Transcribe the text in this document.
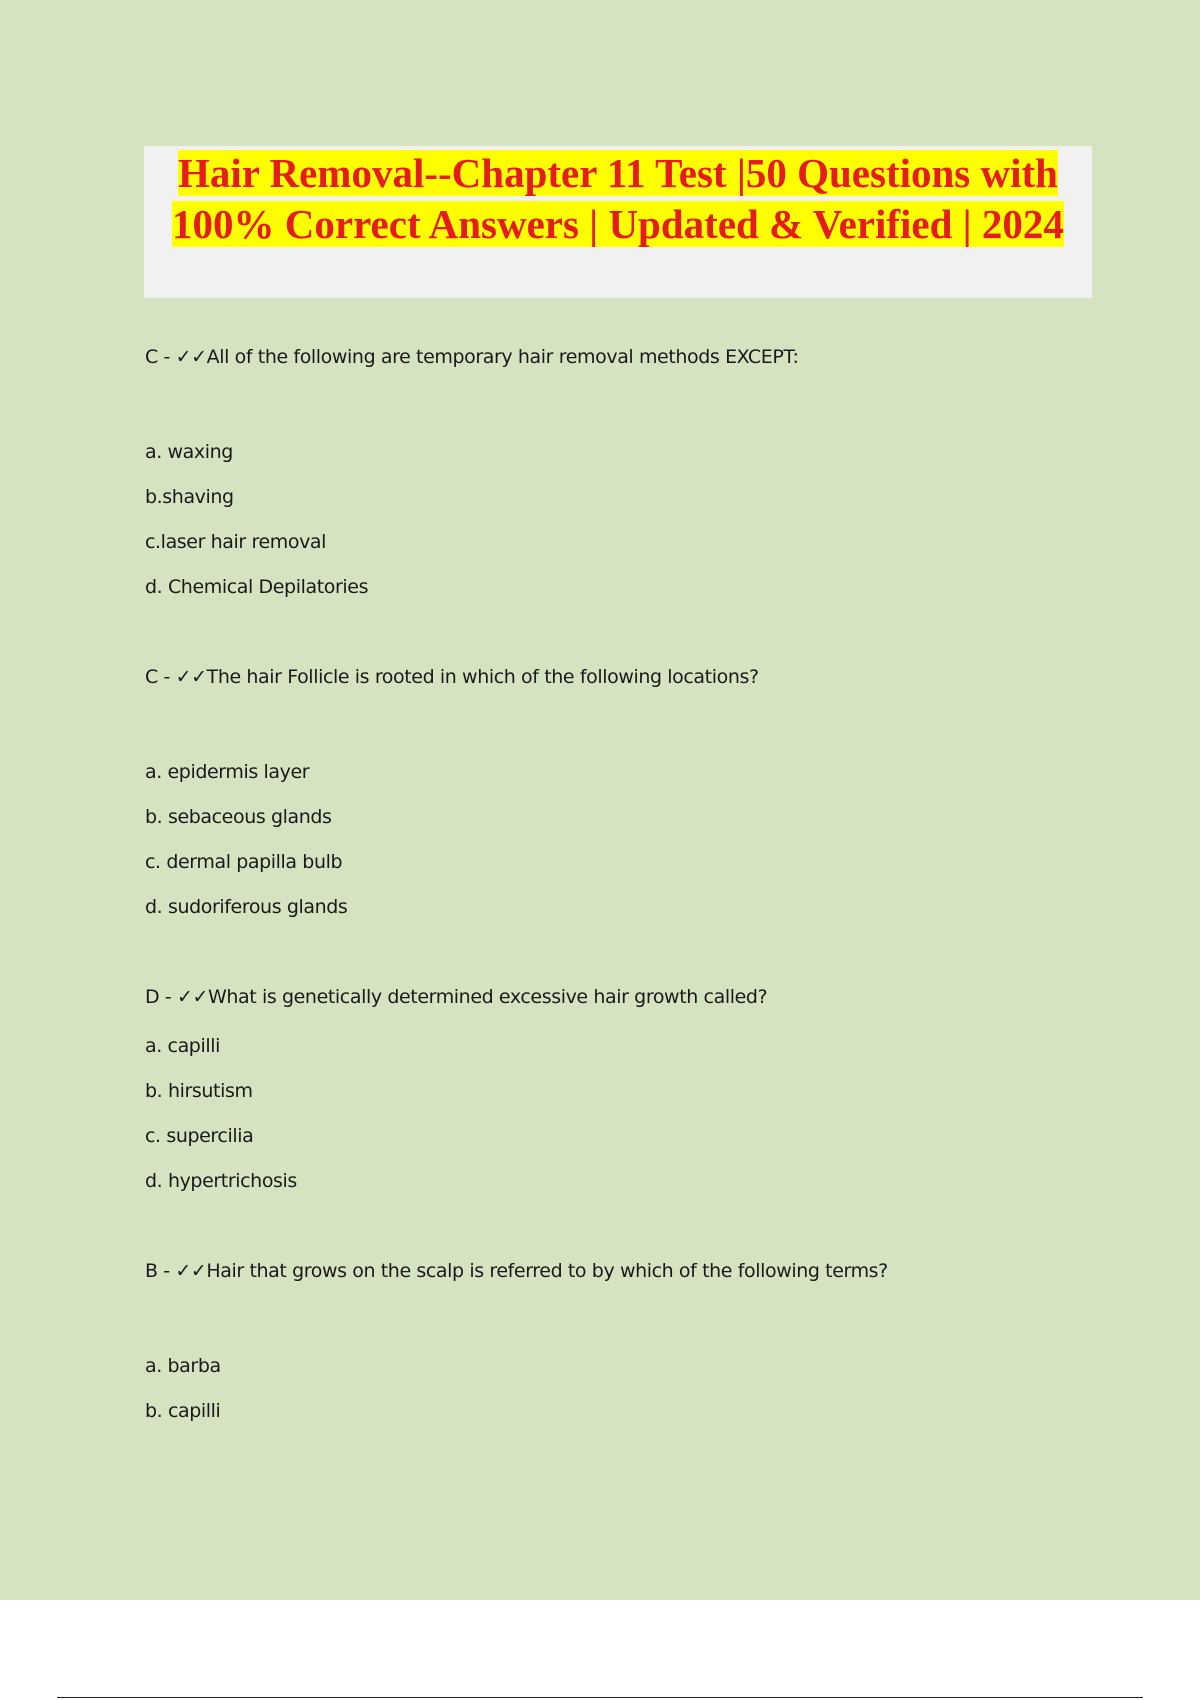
Hair Removal--Chapter 11 Test |50 Questions with 100% Correct Answers | Updated & Verified | 2024

C - ✓✓All of the following are temporary hair removal methods EXCEPT:

a. waxing

b.shaving

c.laser hair removal

d. Chemical Depilatories

C - ✓✓The hair Follicle is rooted in which of the following locations?

a. epidermis layer

b. sebaceous glands

c. dermal papilla bulb

d. sudoriferous glands

D - ✓✓What is genetically determined excessive hair growth called?

a. capilli

b. hirsutism

c. supercilia

d. hypertrichosis

B - ✓✓Hair that grows on the scalp is referred to by which of the following terms?

a. barba

b. capilli
